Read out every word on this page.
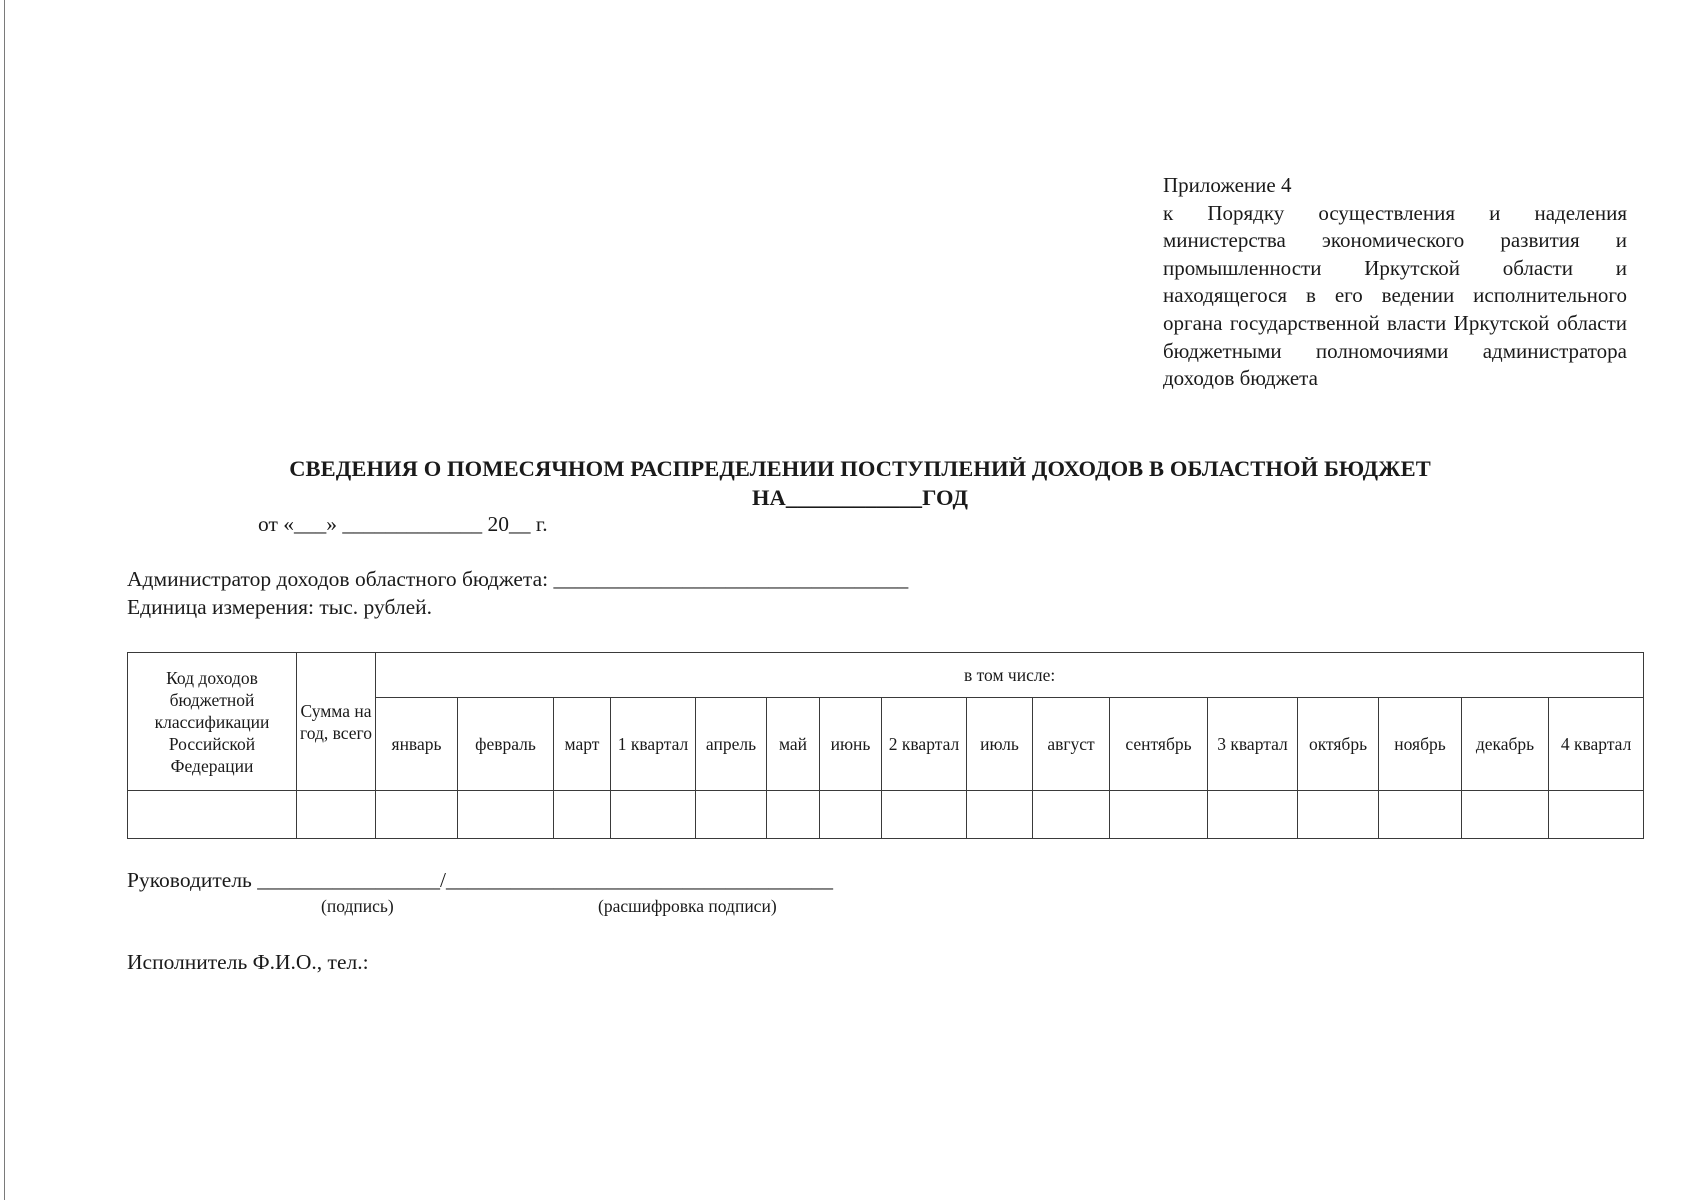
Приложение 4
к Порядку осуществления и наделения министерства экономического развития и промышленности Иркутской области и находящегося в его ведении исполнительного органа государственной власти Иркутской области бюджетными полномочиями администратора доходов бюджета
СВЕДЕНИЯ О ПОМЕСЯЧНОМ РАСПРЕДЕЛЕНИИ ПОСТУПЛЕНИЙ ДОХОДОВ В ОБЛАСТНОЙ БЮДЖЕТ
НА____________ГОД
от «___» _____________ 20__ г.
Администратор доходов областного бюджета: _________________________________
Единица измерения: тыс. рублей.
Код доходов бюджетной классификации Российской Федерации	Сумма на год, всего	в том числе:															
		январь	февраль	март	1 квартал	апрель	май	июнь	2 квартал	июль	август	сентябрь	3 квартал	октябрь	ноябрь	декабрь	4 квартал

Руководитель _________________/____________________________________
(подпись)	(расшифровка подписи)
Исполнитель Ф.И.О., тел.:
